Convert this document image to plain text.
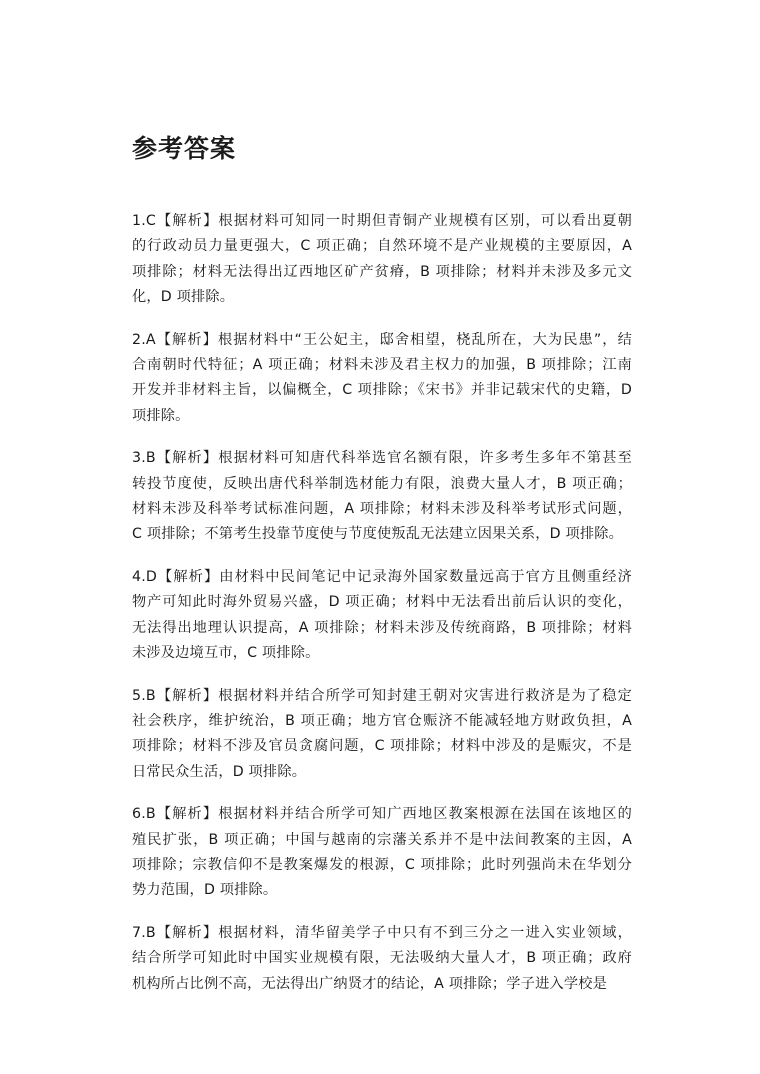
参考答案
1.C【解析】根据材料可知同一时期但青铜产业规模有区别，可以看出夏朝
的行政动员力量更强大，C 项正确；自然环境不是产业规模的主要原因，A
项排除；材料无法得出辽西地区矿产贫瘠，B 项排除；材料并未涉及多元文
化，D 项排除。
2.A【解析】根据材料中“王公妃主，邸舍相望，桡乱所在，大为民患”，结
合南朝时代特征；A 项正确；材料未涉及君主权力的加强，B 项排除；江南
开发并非材料主旨，以偏概全，C 项排除；《宋书》并非记载宋代的史籍，D
项排除。
3.B【解析】根据材料可知唐代科举选官名额有限，许多考生多年不第甚至
转投节度使，反映出唐代科举制选材能力有限，浪费大量人才，B 项正确；
材料未涉及科举考试标准问题，A 项排除；材料未涉及科举考试形式问题，
C 项排除；不第考生投靠节度使与节度使叛乱无法建立因果关系，D 项排除。
4.D【解析】由材料中民间笔记中记录海外国家数量远高于官方且侧重经济
物产可知此时海外贸易兴盛，D 项正确；材料中无法看出前后认识的变化，
无法得出地理认识提高，A 项排除；材料未涉及传统商路，B 项排除；材料
未涉及边境互市，C 项排除。
5.B【解析】根据材料并结合所学可知封建王朝对灾害进行救济是为了稳定
社会秩序，维护统治，B 项正确；地方官仓赈济不能减轻地方财政负担，A
项排除；材料不涉及官员贪腐问题，C 项排除；材料中涉及的是赈灾，不是
日常民众生活，D 项排除。
6.B【解析】根据材料并结合所学可知广西地区教案根源在法国在该地区的
殖民扩张，B 项正确；中国与越南的宗藩关系并不是中法间教案的主因，A
项排除；宗教信仰不是教案爆发的根源，C 项排除；此时列强尚未在华划分
势力范围，D 项排除。
7.B【解析】根据材料，清华留美学子中只有不到三分之一进入实业领域，
结合所学可知此时中国实业规模有限，无法吸纳大量人才，B 项正确；政府
机构所占比例不高，无法得出广纳贤才的结论，A 项排除；学子进入学校是
